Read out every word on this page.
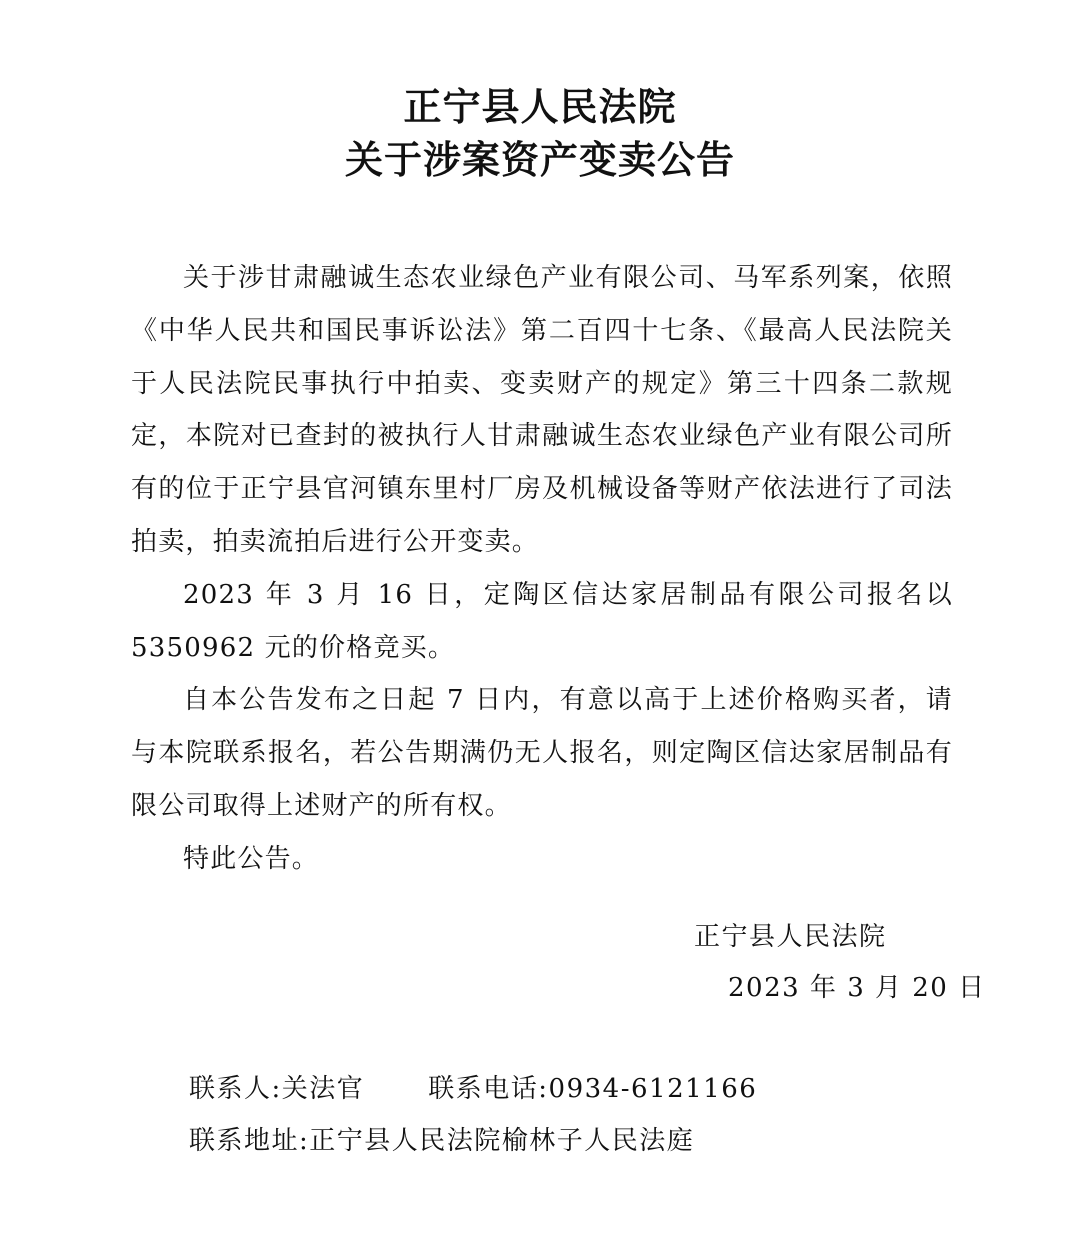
正宁县人民法院
关于涉案资产变卖公告

关于涉甘肃融诚生态农业绿色产业有限公司、马军系列案，依照《中华人民共和国民事诉讼法》第二百四十七条、《最高人民法院关于人民法院民事执行中拍卖、变卖财产的规定》第三十四条二款规定，本院对已查封的被执行人甘肃融诚生态农业绿色产业有限公司所有的位于正宁县官河镇东里村厂房及机械设备等财产依法进行了司法拍卖，拍卖流拍后进行公开变卖。

2023 年 3 月 16 日，定陶区信达家居制品有限公司报名以 5350962 元的价格竞买。

自本公告发布之日起 7 日内，有意以高于上述价格购买者，请与本院联系报名，若公告期满仍无人报名，则定陶区信达家居制品有限公司取得上述财产的所有权。

特此公告。

正宁县人民法院
2023 年 3 月 20 日
联系人:关法官 联系电话:0934-6121166
联系地址:正宁县人民法院榆林子人民法庭
